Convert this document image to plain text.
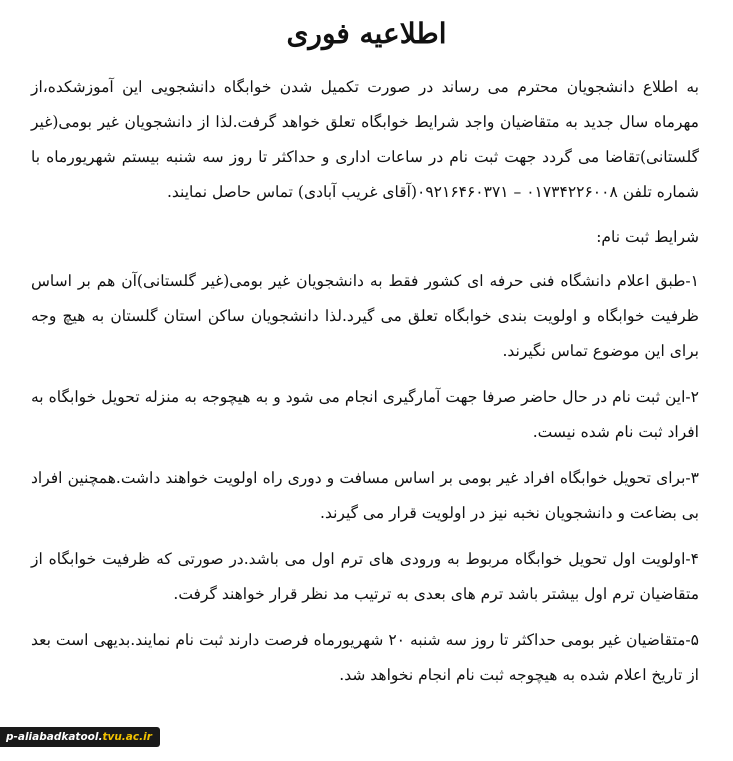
اطلاعیه فوری

به اطلاع دانشجویان محترم می رساند در صورت تکمیل شدن خوابگاه دانشجویی این آموزشکده،از مهرماه سال جدید به متقاضیان واجد شرایط خوابگاه تعلق خواهد گرفت.لذا از دانشجویان غیر بومی(غیر گلستانی)تقاضا می گردد جهت ثبت نام در ساعات اداری و حداکثر تا روز سه شنبه بیستم شهریورماه با شماره تلفن ۰۱۷۳۴۲۲۶۰۰۸ – ۰۹۲۱۶۴۶۰۳۷۱(آقای غریب آبادی) تماس حاصل نمایند.

شرایط ثبت نام:

۱-طبق اعلام دانشگاه فنی حرفه ای کشور فقط به دانشجویان غیر بومی(غیر گلستانی)آن هم بر اساس ظرفیت خوابگاه و اولویت بندی خوابگاه تعلق می گیرد.لذا دانشجویان ساکن استان گلستان به هیچ وجه برای این موضوع تماس نگیرند.

۲-این ثبت نام در حال حاضر صرفا جهت آمارگیری انجام می شود و به هیچوجه به منزله تحویل خوابگاه به افراد ثبت نام شده نیست.

۳-برای تحویل خوابگاه افراد غیر بومی بر اساس مسافت و دوری راه اولویت خواهند داشت.همچنین افراد بی بضاعت و دانشجویان نخبه نیز در اولویت قرار می گیرند.

۴-اولویت اول تحویل خوابگاه مربوط به ورودی های ترم اول می باشد.در صورتی که ظرفیت خوابگاه از متقاضیان ترم اول بیشتر باشد ترم های بعدی به ترتیب مد نظر قرار خواهند گرفت.

۵-متقاضیان غیر بومی حداکثر تا روز سه شنبه ۲۰ شهریورماه فرصت دارند ثبت نام نمایند.بدیهی است بعد از تاریخ اعلام شده به هیچوجه ثبت نام انجام نخواهد شد.

p-aliabadkatool. tvu.ac.ir
